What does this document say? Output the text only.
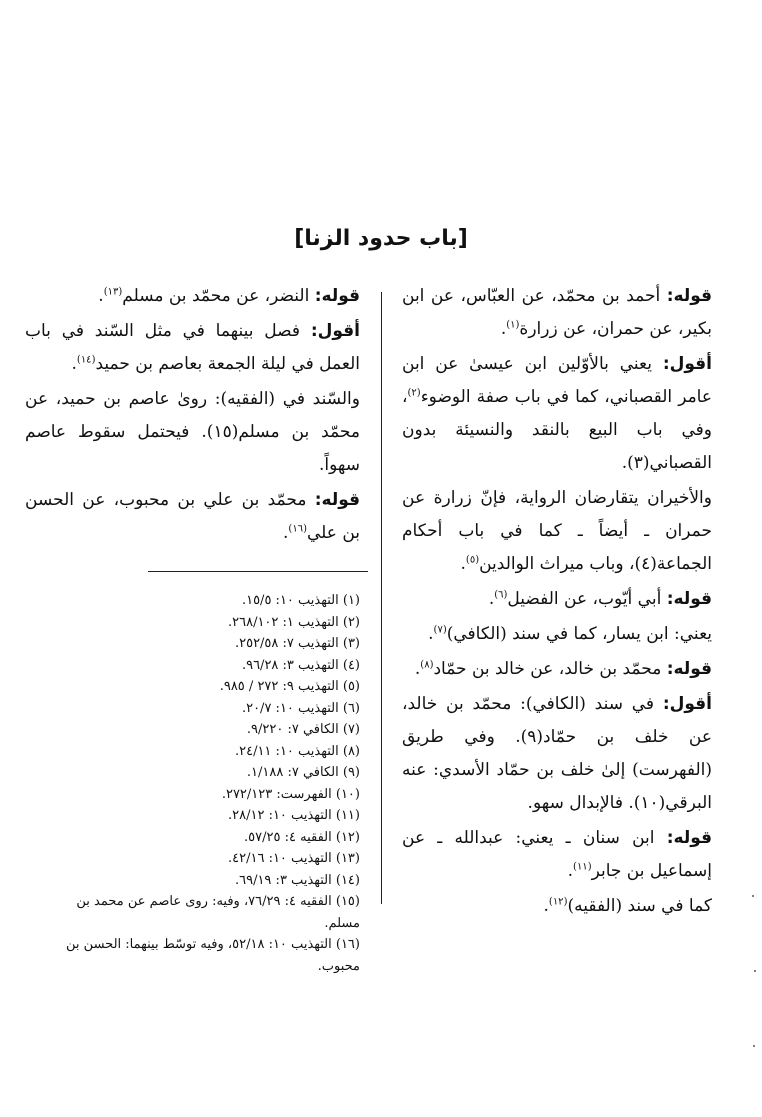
[باب حدود الزنا]

قوله: أحمد بن محمّد، عن العبّاس، عن ابن بكير، عن حمران، عن زرارة$^{(١)}$.

أقول: يعني بالأوّلين ابن عيسىٰ عن ابن عامر القصباني، كما في باب صفة الوضوء$^{(٢)}$، وفي باب البيع بالنقد والنسيئة بدون القصباني(٣).

والأخيران يتقارضان الرواية، فإنّ زرارة عن حمران ـ أيضاً ـ كما في باب أحكام الجماعة(٤)، وباب ميراث الوالدين$^{(٥)}$.

قوله: أبي أيّوب، عن الفضيل$^{(٦)}$.

يعني: ابن يسار، كما في سند (الكافي)$^{(٧)}$.

قوله: محمّد بن خالد، عن خالد بن حمّاد$^{(٨)}$.

أقول: في سند (الكافي): محمّد بن خالد، عن خلف بن حمّاد(٩). وفي طريق (الفهرست) إلىٰ خلف بن حمّاد الأسدي: عنه البرقي(١٠). فالإبدال سهو.

قوله: ابن سنان ـ يعني: عبدالله ـ عن إسماعيل بن جابر$^{(١١)}$.

كما في سند (الفقيه)$^{(١٢)}$.

قوله: النضر، عن محمّد بن مسلم$^{(١٣)}$.

أقول: فصل بينهما في مثل السّند في باب العمل في ليلة الجمعة بعاصم بن حميد$^{(١٤)}$.

والسّند في (الفقيه): روىٰ عاصم بن حميد، عن محمّد بن مسلم(١٥). فيحتمل سقوط عاصم سهواً.

قوله: محمّد بن علي بن محبوب، عن الحسن بن علي$^{(١٦)}$.

(١) التهذيب ١٠: ١٥/٥.

(٢) التهذيب ١: ٢٦٨/١٠٢.

(٣) التهذيب ٧: ٢٥٢/٥٨.

(٤) التهذيب ٣: ٩٦/٢٨.

(٥) التهذيب ٩: ٢٧٢ / ٩٨٥.

(٦) التهذيب ١٠: ٢٠/٧.

(٧) الكافي ٧: ٩/٢٢٠.

(٨) التهذيب ١٠: ٢٤/١١.

(٩) الكافي ٧: ١/١٨٨.

(١٠) الفهرست: ٢٧٢/١٢٣.

(١١) التهذيب ١٠: ٢٨/١٢.

(١٢) الفقيه ٤: ٥٧/٢٥.

(١٣) التهذيب ١٠: ٤٢/١٦.

(١٤) التهذيب ٣: ٦٩/١٩.

(١٥) الفقيه ٤: ٧٦/٢٩، وفيه: روى عاصم عن محمد بن مسلم.

(١٦) التهذيب ١٠: ٥٢/١٨، وفيه توسّط بينهما: الحسن بن محبوب.
